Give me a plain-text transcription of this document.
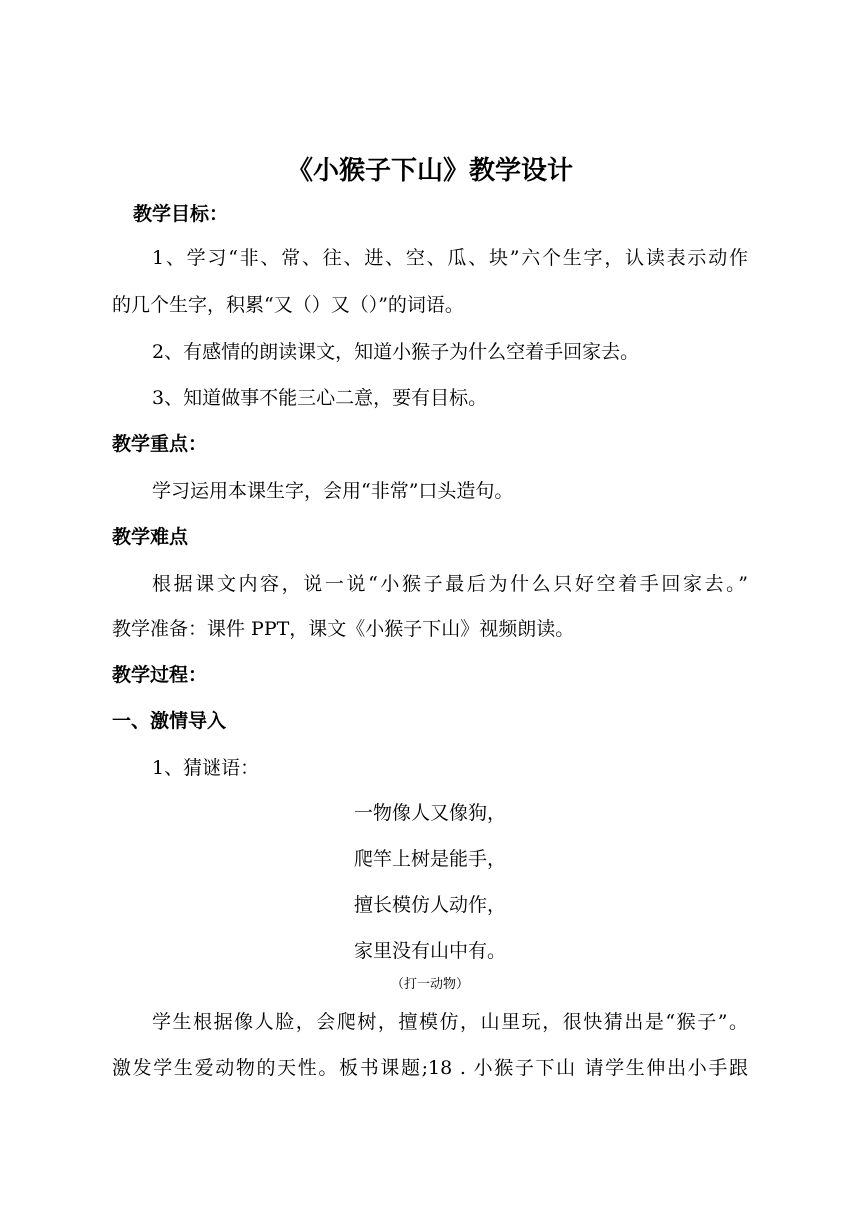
《小猴子下山》教学设计
教学目标：
1、学习“非、常、往、进、空、瓜、块”六个生字，认读表示动作
的几个生字，积累“又（）又（）”的词语。
2、有感情的朗读课文，知道小猴子为什么空着手回家去。
3、知道做事不能三心二意，要有目标。
教学重点：
学习运用本课生字，会用“非常”口头造句。
教学难点
根据课文内容，说一说“小猴子最后为什么只好空着手回家去。”
教学准备：课件 PPT，课文《小猴子下山》视频朗读。
教学过程：
一、激情导入
1、猜谜语：
一物像人又像狗，
爬竿上树是能手，
擅长模仿人动作，
家里没有山中有。
（打一动物）
学生根据像人脸，会爬树，擅模仿，山里玩，很快猜出是“猴子”。
激发学生爱动物的天性。板书课题;18 . 小猴子下山 请学生伸出小手跟
